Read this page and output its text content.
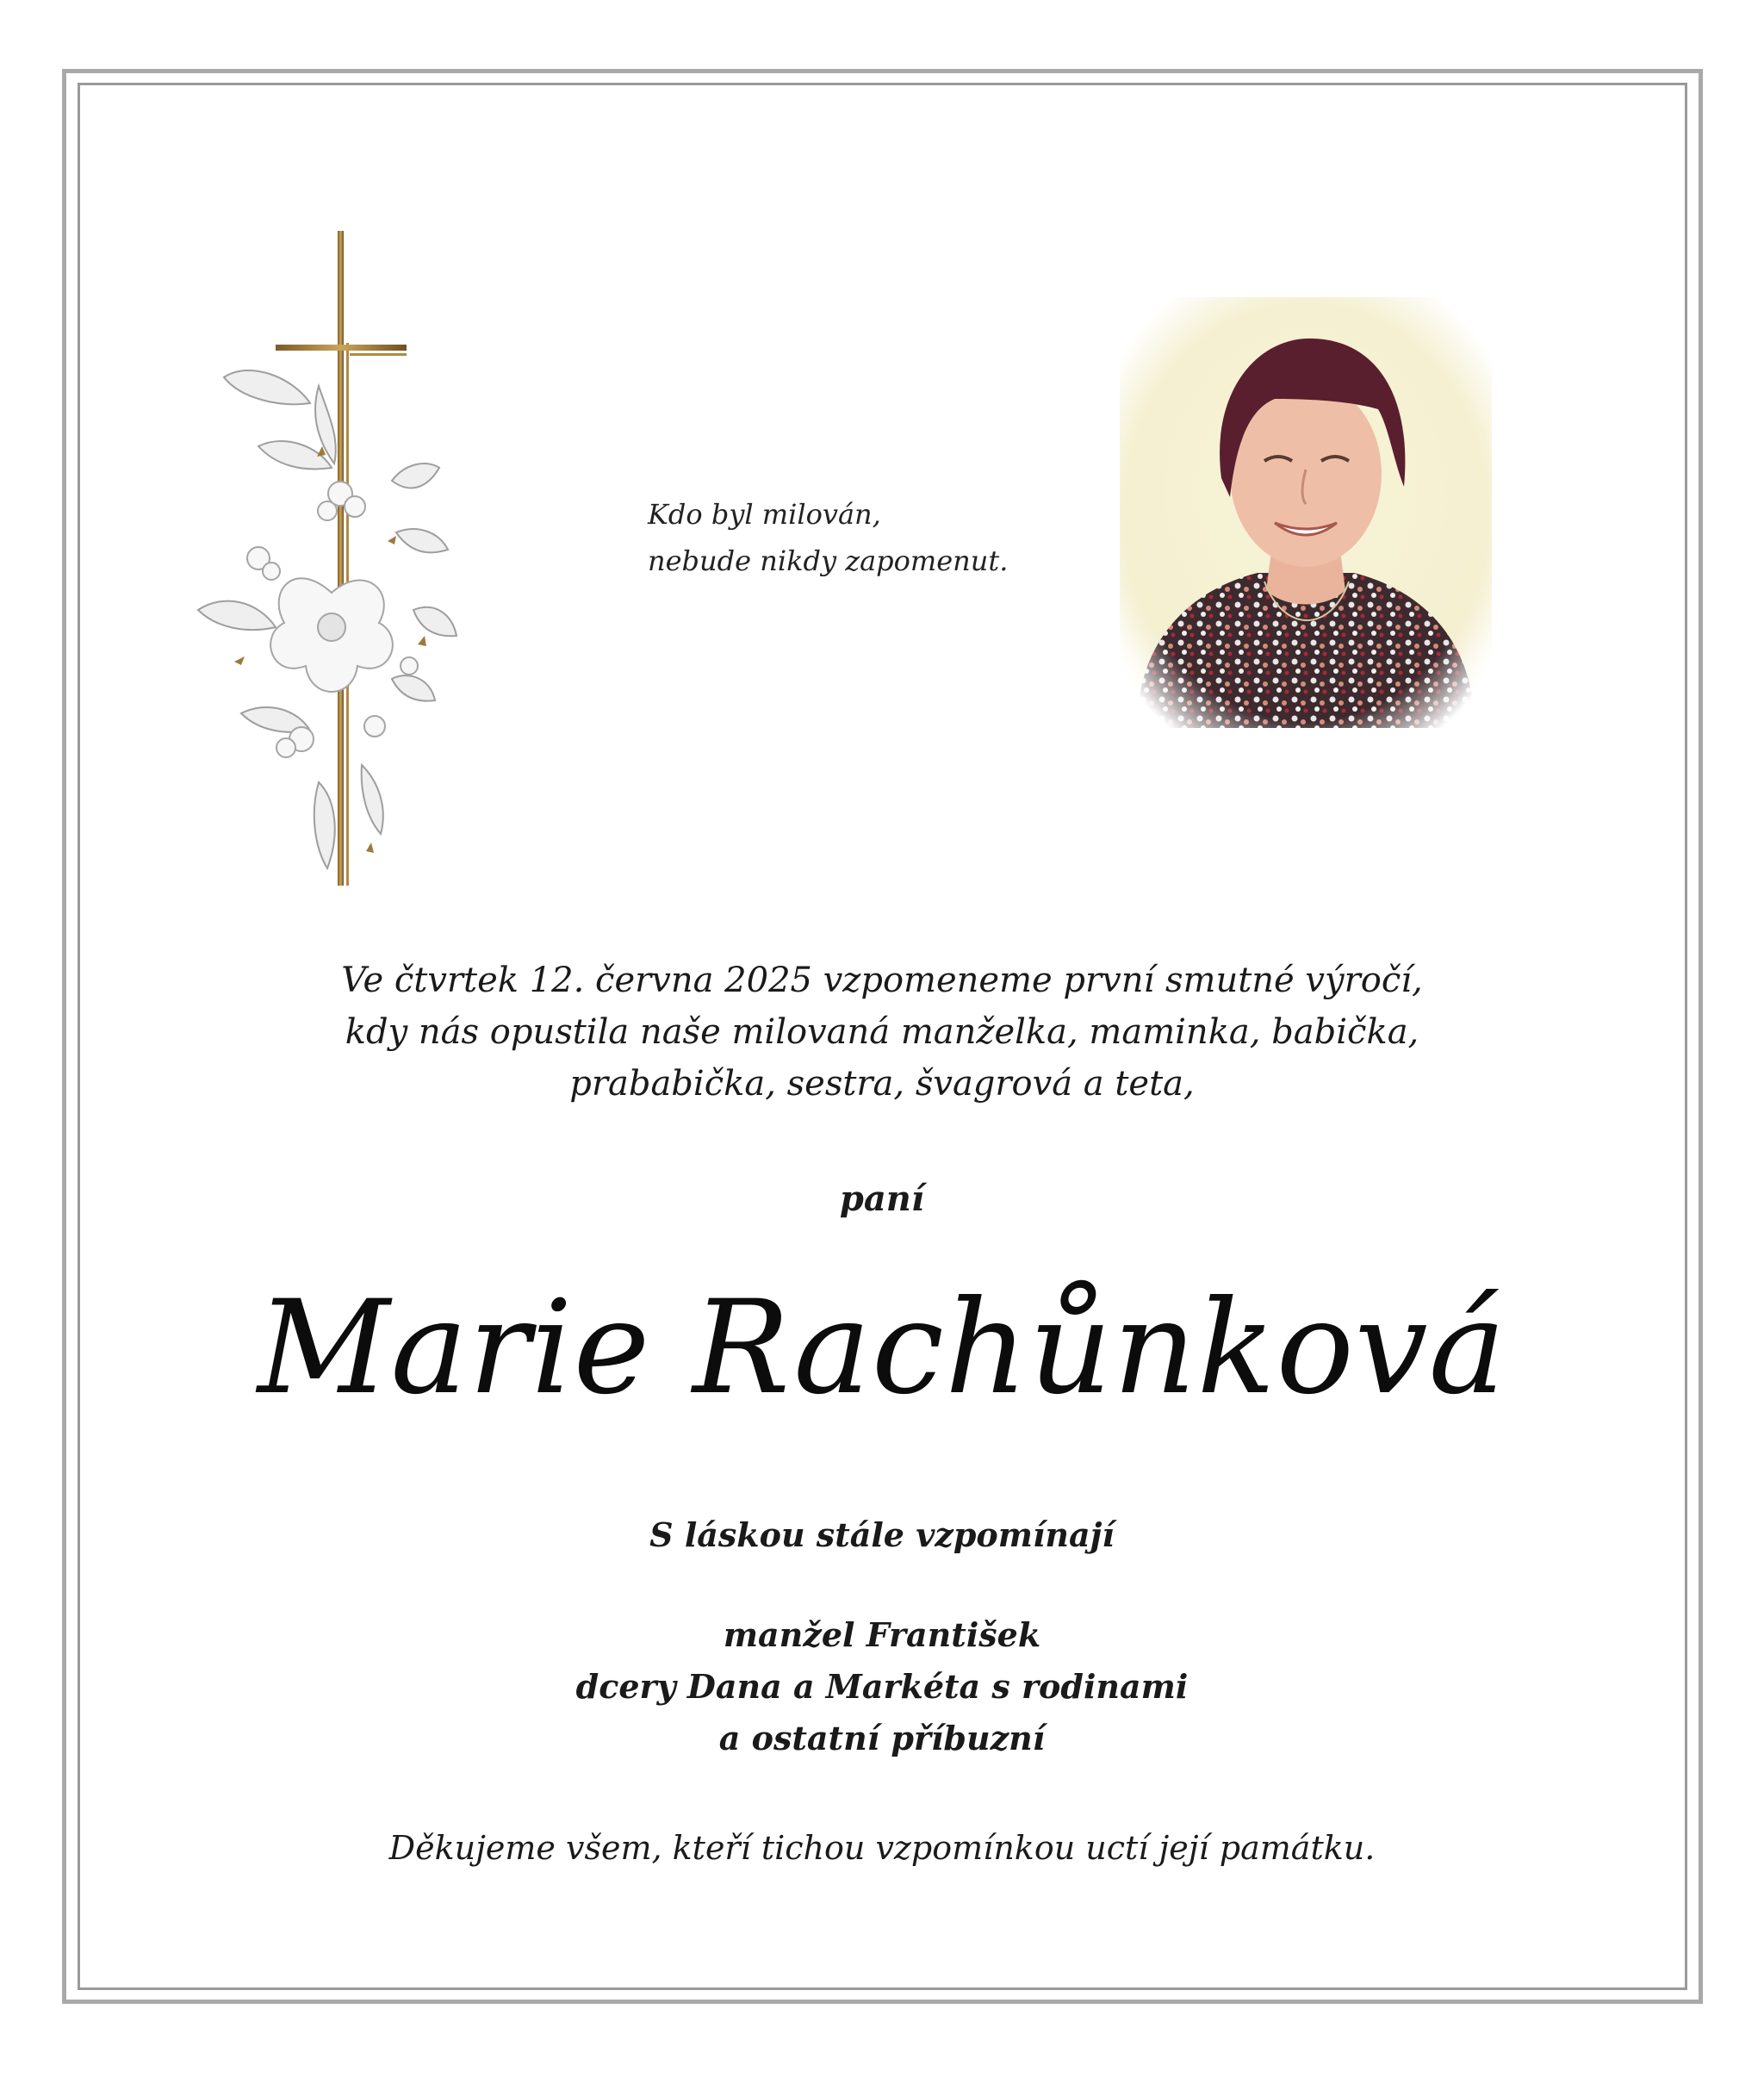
Kdo byl milován,
nebude nikdy zapomenut.
Ve čtvrtek 12. června 2025 vzpomeneme první smutné výročí,
kdy nás opustila naše milovaná manželka, maminka, babička,
prababička, sestra, švagrová a teta,
paní
Marie Rachůnková
S láskou stále vzpomínají
manžel František
dcery Dana a Markéta s rodinami
a ostatní příbuzní
Děkujeme všem, kteří tichou vzpomínkou uctí její památku.
